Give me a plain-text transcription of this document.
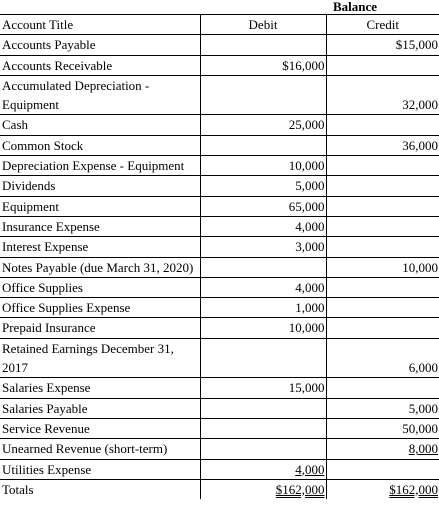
Balance
Account Title	Debit	Credit
Accounts Payable		$15,000
Accounts Receivable	$16,000	
Accumulated Depreciation - Equipment		32,000
Cash	25,000	
Common Stock		36,000
Depreciation Expense - Equipment	10,000	
Dividends	5,000	
Equipment	65,000	
Insurance Expense	4,000	
Interest Expense	3,000	
Notes Payable (due March 31, 2020)		10,000
Office Supplies	4,000	
Office Supplies Expense	1,000	
Prepaid Insurance	10,000	
Retained Earnings December 31, 2017		6,000
Salaries Expense	15,000	
Salaries Payable		5,000
Service Revenue		50,000
Unearned Revenue (short-term)		8,000
Utilities Expense	4,000	
Totals	$162,000	$162,000
